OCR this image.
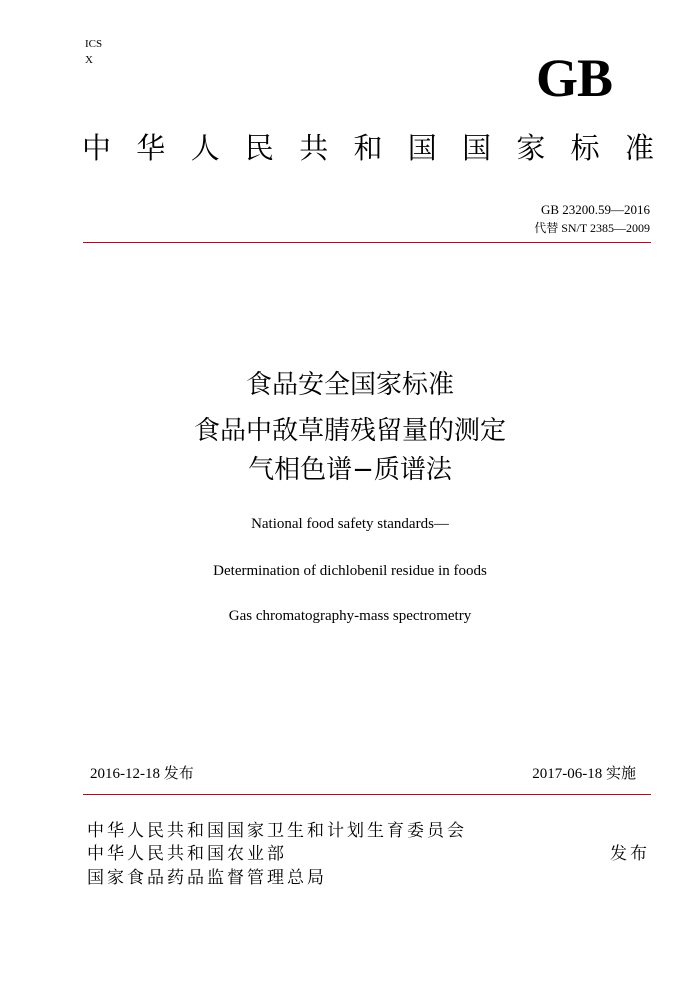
ICS
X	GB
中 华 人 民 共 和 国 国 家 标 准
GB 23200.59—2016
代替 SN/T 2385—2009
食品安全国家标准
食品中敌草腈残留量的测定
气相色谱−质谱法
National food safety standards—
Determination of dichlobenil residue in foods
Gas chromatography-mass spectrometry
2016-12-18 发布	2017-06-18 实施
中华人民共和国国家卫生和计划生育委员会
中华人民共和国农业部
国家食品药品监督管理总局
发布
